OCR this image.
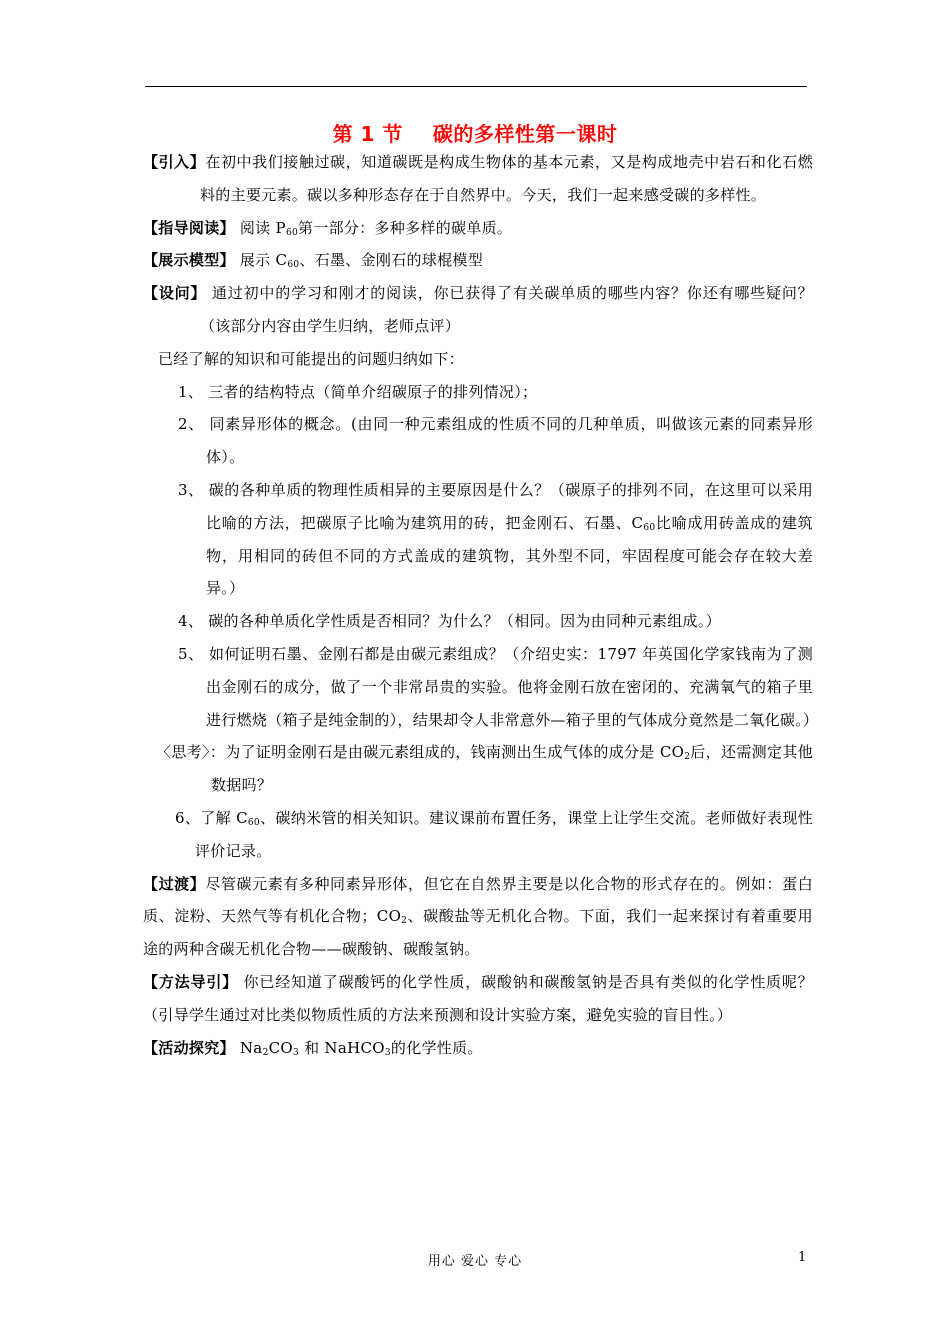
第 1 节 碳的多样性第一课时

【引入】在初中我们接触过碳，知道碳既是构成生物体的基本元素，又是构成地壳中岩石和化石燃料的主要元素。碳以多种形态存在于自然界中。今天，我们一起来感受碳的多样性。

【指导阅读】 阅读 $P_{60}$第一部分：多种多样的碳单质。

【展示模型】 展示 $C_{60}$、石墨、金刚石的球棍模型

【设问】 通过初中的学习和刚才的阅读，你已获得了有关碳单质的哪些内容？你还有哪些疑问？（该部分内容由学生归纳，老师点评）

已经了解的知识和可能提出的问题归纳如下：

1、 三者的结构特点（简单介绍碳原子的排列情况）；

2、 同素异形体的概念。(由同一种元素组成的性质不同的几种单质，叫做该元素的同素异形体）。

3、 碳的各种单质的物理性质相异的主要原因是什么？（碳原子的排列不同，在这里可以采用比喻的方法，把碳原子比喻为建筑用的砖，把金刚石、石墨、$C_{60}$比喻成用砖盖成的建筑物，用相同的砖但不同的方式盖成的建筑物，其外型不同，牢固程度可能会存在较大差异。）

4、 碳的各种单质化学性质是否相同？为什么？（相同。因为由同种元素组成。）

5、 如何证明石墨、金刚石都是由碳元素组成？（介绍史实：1797 年英国化学家钱南为了测出金刚石的成分，做了一个非常昂贵的实验。他将金刚石放在密闭的、充满氧气的箱子里进行燃烧（箱子是纯金制的），结果却令人非常意外—箱子里的气体成分竟然是二氧化碳。）

〈思考〉：为了证明金刚石是由碳元素组成的，钱南测出生成气体的成分是 $CO_2$后，还需测定其他数据吗？

6、了解 $C_{60}$、碳纳米管的相关知识。建议课前布置任务，课堂上让学生交流。老师做好表现性评价记录。

【过渡】尽管碳元素有多种同素异形体，但它在自然界主要是以化合物的形式存在的。例如：蛋白质、淀粉、天然气等有机化合物；$CO_2$、碳酸盐等无机化合物。下面，我们一起来探讨有着重要用途的两种含碳无机化合物——碳酸钠、碳酸氢钠。

【方法导引】 你已经知道了碳酸钙的化学性质，碳酸钠和碳酸氢钠是否具有类似的化学性质呢？（引导学生通过对比类似物质性质的方法来预测和设计实验方案，避免实验的盲目性。）

【活动探究】 $Na_2CO_3$ 和 NaHCO$_3$的化学性质。

用心 爱心 专心	1
